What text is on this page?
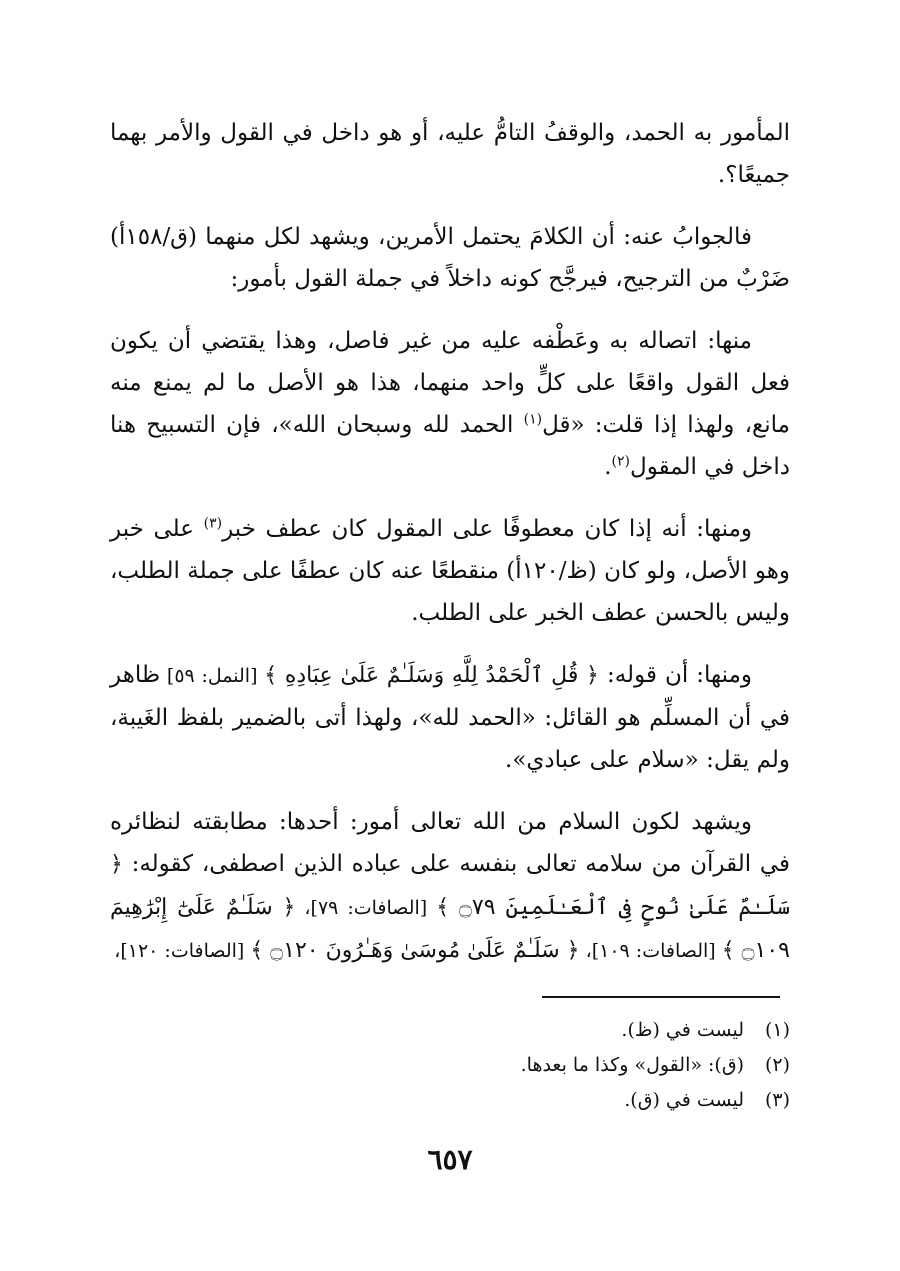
المأمور به الحمد، والوقفُ التامُّ عليه، أو هو داخل في القول والأمر بهما جميعًا؟.

فالجوابُ عنه: أن الكلامَ يحتمل الأمرين، ويشهد لكل منهما (ق/١٥٨أ) ضَرْبٌ من الترجيح، فيرجَّح كونه داخلاً في جملة القول بأمور:

منها: اتصاله به وعَطْفه عليه من غير فاصل، وهذا يقتضي أن يكون فعل القول واقعًا على كلٍّ واحد منهما، هذا هو الأصل ما لم يمنع منه مانع، ولهذا إذا قلت: «قل$^{(١)}$ الحمد لله وسبحان الله»، فإن التسبيح هنا داخل في المقول$^{(٢)}$.

ومنها: أنه إذا كان معطوفًا على المقول كان عطف خبر$^{(٣)}$ على خبر وهو الأصل، ولو كان (ظ/١٢٠أ) منقطعًا عنه كان عطفًا على جملة الطلب، وليس بالحسن عطف الخبر على الطلب.

ومنها: أن قوله: ﴿ قُلِ ٱلْحَمْدُ لِلَّهِ وَسَلَـٰمٌ عَلَىٰ عِبَادِهِ ﴾ [النمل: ٥٩] ظاهر في أن المسلِّم هو القائل: «الحمد لله»، ولهذا أتى بالضمير بلفظ الغَيبة، ولم يقل: «سلام على عبادي».

ويشهد لكون السلام من الله تعالى أمور: أحدها: مطابقته لنظائره في القرآن من سلامه تعالى بنفسه على عباده الذين اصطفى، كقوله: ﴿ سَلَـٰمٌ عَلَىٰ نُوحٍ فِى ٱلْعَـٰلَمِينَ ۝٧٩ ﴾ [الصافات: ٧٩]، ﴿ سَلَـٰمٌ عَلَىٰٓ إِبْرَٰهِيمَ ۝١٠٩ ﴾ [الصافات: ١٠٩]، ﴿ سَلَـٰمٌ عَلَىٰ مُوسَىٰ وَهَـٰرُونَ ۝١٢٠ ﴾ [الصافات: ١٢٠]،

(١)ليست في (ظ).
(٢)(ق): «القول» وكذا ما بعدها.
(٣)ليست في (ق).
٦٥٧
